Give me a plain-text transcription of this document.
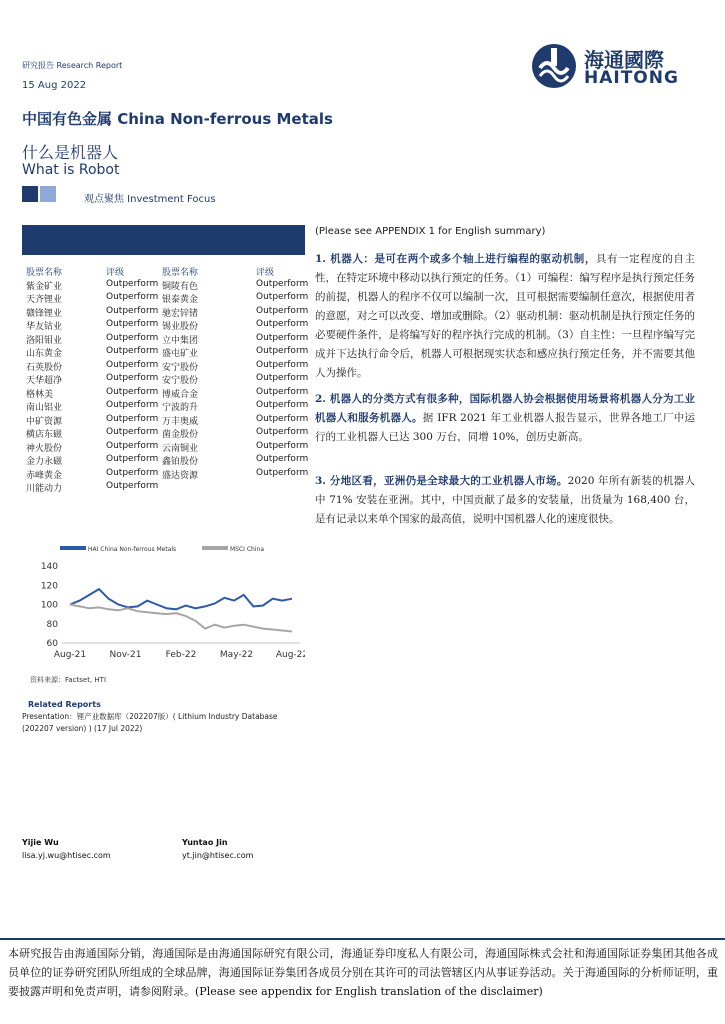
研究报告 Research Report
15 Aug 2022
海通國際
HAITONG
中国有色金属 China Non-ferrous Metals
什么是机器人
What is Robot
观点聚焦 Investment Focus
股票名称	评级	股票名称	评级
紫金矿业	Outperform 铜陵有色	Outperform
天齐锂业	Outperform 银泰黄金	Outperform
赣锋锂业	Outperform 驰宏锌锗	Outperform
华友钴业	Outperform 锡业股份	Outperform
洛阳钼业	Outperform 立中集团	Outperform
山东黄金	Outperform 盛屯矿业	Outperform
石英股份	Outperform 安宁股份	Outperform
天华超净	Outperform 安宁股份	Outperform
格林美	Outperform 博威合金	Outperform
南山铝业	Outperform 宁波韵升	Outperform
中矿资源	Outperform 万丰奥威	Outperform
横店东磁	Outperform 菌金股份	Outperform
神火股份	Outperform 云南铜业	Outperform
金力永磁	Outperform 鑫铂股份	Outperform
赤峰黄金	Outperform 盛达资源	Outperform
川能动力	Outperform
HAI China Non-ferrous Metals	MSCI China
140
120
100
80
60
Aug-21	Nov-21	Feb-22	May-22	Aug-22
资料来源：Factset, HTI
Related Reports
Presentation：锂产业数据库（202207版）( Lithium Industry Database (202207 version) ) (17 Jul 2022)
Yijie Wu
lisa.yj.wu@htisec.com
Yuntao Jin
yt.jin@htisec.com
(Please see APPENDIX 1 for English summary)
1. 机器人：是可在两个或多个轴上进行编程的驱动机制，具有一定程度的自主性，在特定环境中移动以执行预定的任务。（1）可编程：编写程序是执行预定任务的前提，机器人的程序不仅可以编制一次，且可根据需要编制任意次，根据使用者的意愿，对之可以改变、增加或删除。（2）驱动机制：驱动机制是执行预定任务的必要硬件条件，是将编写好的程序执行完成的机制。（3）自主性：一旦程序编写完成并下达执行命令后，机器人可根据现实状态和感应执行预定任务，并不需要其他人为操作。
2. 机器人的分类方式有很多种，国际机器人协会根据使用场景将机器人分为工业机器人和服务机器人。据 IFR 2021 年工业机器人报告显示，世界各地工厂中运行的工业机器人已达 300 万台，同增 10%，创历史新高。
3. 分地区看，亚洲仍是全球最大的工业机器人市场。2020 年所有新装的机器人中 71% 安装在亚洲。其中，中国贡献了最多的安装量，出货量为 168,400 台，是有记录以来单个国家的最高值，说明中国机器人化的速度很快。
本研究报告由海通国际分销，海通国际是由海通国际研究有限公司，海通证券印度私人有限公司，海通国际株式会社和海通国际证券集团其他各成员单位的证券研究团队所组成的全球品牌，海通国际证券集团各成员分别在其许可的司法管辖区内从事证券活动。关于海通国际的分析师证明，重要披露声明和免责声明，请参阅附录。(Please see appendix for English translation of the disclaimer)
